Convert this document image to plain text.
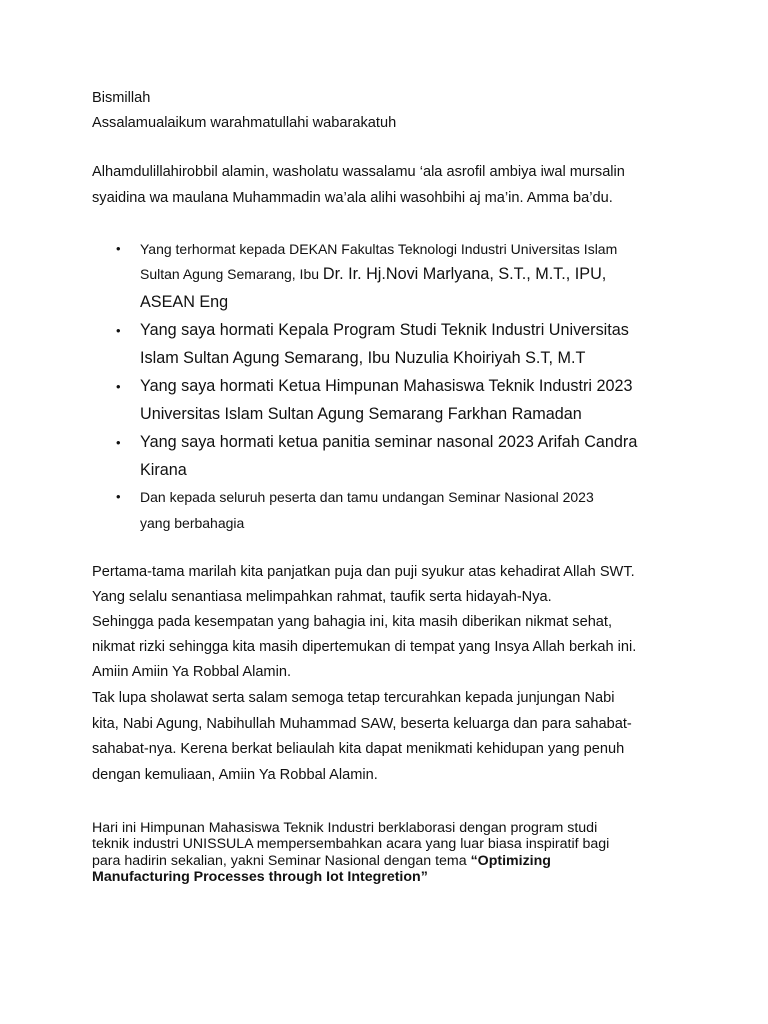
Bismillah
Assalamualaikum warahmatullahi wabarakatuh
Alhamdulillahirobbil alamin, washolatu wassalamu ‘ala asrofil ambiya iwal mursalin
syaidina wa maulana Muhammadin wa’ala alihi wasohbihi aj ma’in. Amma ba’du.
• Yang terhormat kepada DEKAN Fakultas Teknologi Industri Universitas Islam
Sultan Agung Semarang, Ibu Dr. Ir. Hj.Novi Marlyana, S.T., M.T., IPU,
ASEAN Eng
• Yang saya hormati Kepala Program Studi Teknik Industri Universitas
Islam Sultan Agung Semarang, Ibu Nuzulia Khoiriyah S.T, M.T
• Yang saya hormati Ketua Himpunan Mahasiswa Teknik Industri 2023
Universitas Islam Sultan Agung Semarang Farkhan Ramadan
• Yang saya hormati ketua panitia seminar nasonal 2023 Arifah Candra
Kirana
• Dan kepada seluruh peserta dan tamu undangan Seminar Nasional 2023
yang berbahagia
Pertama-tama marilah kita panjatkan puja dan puji syukur atas kehadirat Allah SWT.
Yang selalu senantiasa melimpahkan rahmat, taufik serta hidayah-Nya.
Sehingga pada kesempatan yang bahagia ini, kita masih diberikan nikmat sehat,
nikmat rizki sehingga kita masih dipertemukan di tempat yang Insya Allah berkah ini.
Amiin Amiin Ya Robbal Alamin.
Tak lupa sholawat serta salam semoga tetap tercurahkan kepada junjungan Nabi
kita, Nabi Agung, Nabihullah Muhammad SAW, beserta keluarga dan para sahabat-
sahabat-nya. Kerena berkat beliaulah kita dapat menikmati kehidupan yang penuh
dengan kemuliaan, Amiin Ya Robbal Alamin.
Hari ini Himpunan Mahasiswa Teknik Industri berklaborasi dengan program studi
teknik industri UNISSULA mempersembahkan acara yang luar biasa inspiratif bagi
para hadirin sekalian, yakni Seminar Nasional dengan tema “Optimizing
Manufacturing Processes through Iot Integretion”
